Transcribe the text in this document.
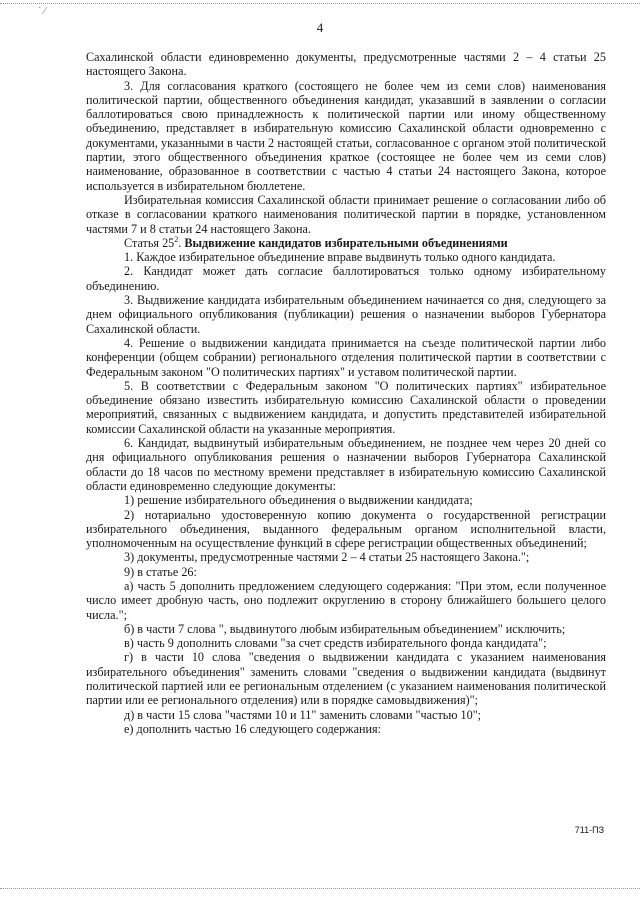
˙ ⁄
4

Сахалинской области единовременно документы, предусмотренные частями 2 – 4 статьи 25 настоящего Закона.

3. Для согласования краткого (состоящего не более чем из семи слов) наименования политической партии, общественного объединения кандидат, указавший в заявлении о согласии баллотироваться свою принадлежность к политической партии или иному общественному объединению, представляет в избирательную комиссию Сахалинской области одновременно с документами, указанными в части 2 настоящей статьи, согласованное с органом этой политической партии, этого общественного объединения краткое (состоящее не более чем из семи слов) наименование, образованное в соответствии с частью 4 статьи 24 настоящего Закона, которое используется в избирательном бюллетене.

Избирательная комиссия Сахалинской области принимает решение о согласовании либо об отказе в согласовании краткого наименования политической партии в порядке, установленном частями 7 и 8 статьи 24 настоящего Закона.

Статья $25^2$. Выдвижение кандидатов избирательными объединениями

1. Каждое избирательное объединение вправе выдвинуть только одного кандидата.

2. Кандидат может дать согласие баллотироваться только одному избирательному объединению.

3. Выдвижение кандидата избирательным объединением начинается со дня, следующего за днем официального опубликования (публикации) решения о назначении выборов Губернатора Сахалинской области.

4. Решение о выдвижении кандидата принимается на съезде политической партии либо конференции (общем собрании) регионального отделения политической партии в соответствии с Федеральным законом "О политических партиях" и уставом политической партии.

5. В соответствии с Федеральным законом "О политических партиях" избирательное объединение обязано известить избирательную комиссию Сахалинской области о проведении мероприятий, связанных с выдвижением кандидата, и допустить представителей избирательной комиссии Сахалинской области на указанные мероприятия.

6. Кандидат, выдвинутый избирательным объединением, не позднее чем через 20 дней со дня официального опубликования решения о назначении выборов Губернатора Сахалинской области до 18 часов по местному времени представляет в избирательную комиссию Сахалинской области единовременно следующие документы:

1) решение избирательного объединения о выдвижении кандидата;

2) нотариально удостоверенную копию документа о государственной регистрации избирательного объединения, выданного федеральным органом исполнительной власти, уполномоченным на осуществление функций в сфере регистрации общественных объединений;

3) документы, предусмотренные частями 2 – 4 статьи 25 настоящего Закона.";

9) в статье 26:

а) часть 5 дополнить предложением следующего содержания: "При этом, если полученное число имеет дробную часть, оно подлежит округлению в сторону ближайшего большего целого числа.";

б) в части 7 слова ", выдвинутого любым избирательным объединением" исключить;

в) часть 9 дополнить словами "за счет средств избирательного фонда кандидата";

г) в части 10 слова "сведения о выдвижении кандидата с указанием наименования избирательного объединения" заменить словами "сведения о выдвижении кандидата (выдвинут политической партией или ее региональным отделением (с указанием наименования политической партии или ее регионального отделения) или в порядке самовыдвижения)";

д) в части 15 слова "частями 10 и 11" заменить словами "частью 10";

е) дополнить частью 16 следующего содержания:

711-ПЗ
